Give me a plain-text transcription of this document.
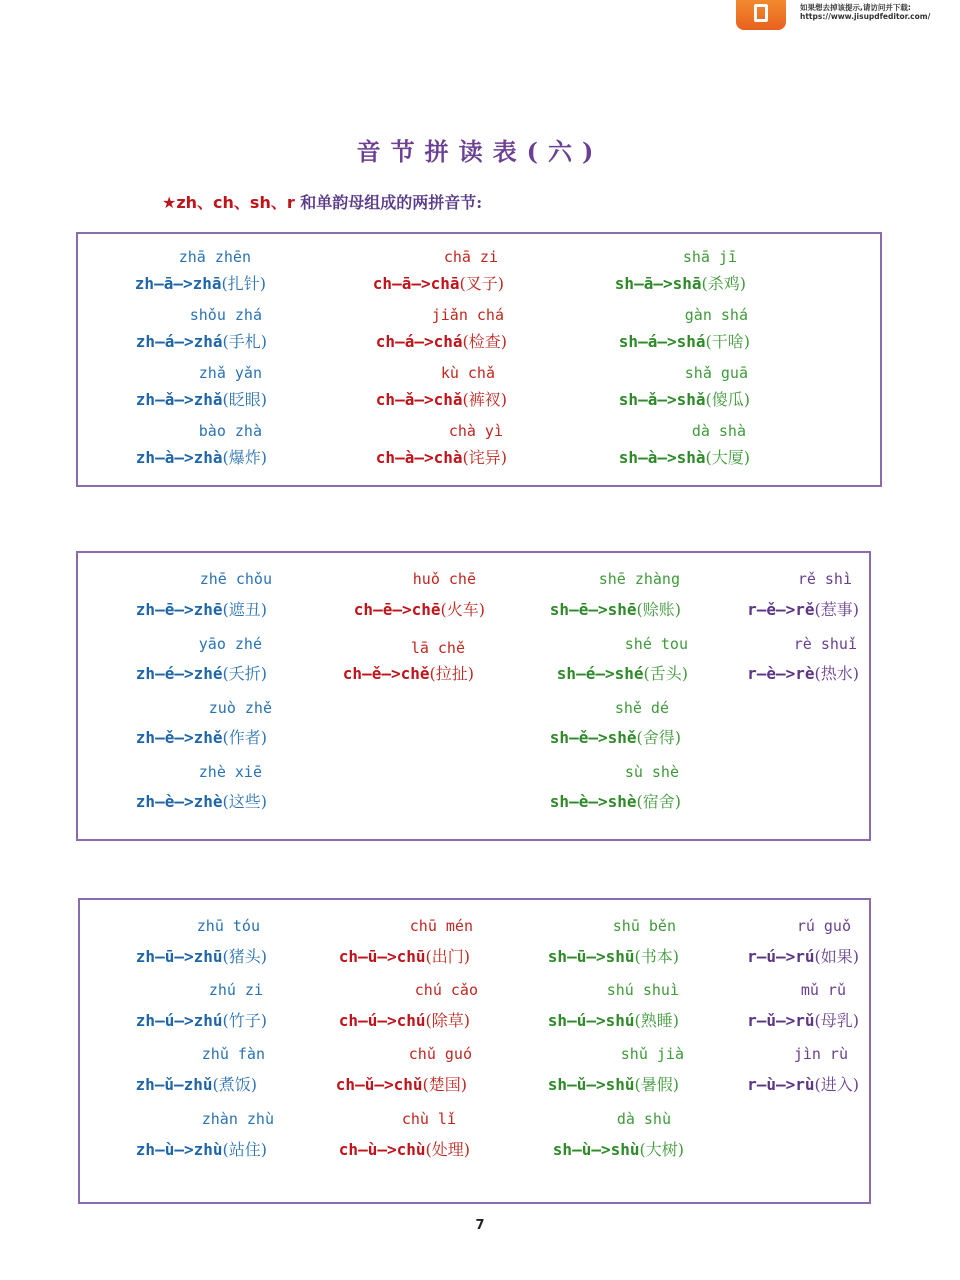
如果想去掉该提示,请访问并下载:
https://www.jisupdfeditor.com/
音节拼读表(六)
★zh、ch、sh、r 和单韵母组成的两拼音节:
zhā zhēn
zh—ā—>zhā(扎针)
chā zi
ch—ā—>chā(叉子)
shā jī
sh—ā—>shā(杀鸡)
shǒu zhá
zh—á—>zhá(手札)
jiǎn chá
ch—á—>chá(检查)
gàn shá
sh—á—>shá(干啥)
zhǎ yǎn
zh—ǎ—>zhǎ(眨眼)
kù chǎ
ch—ǎ—>chǎ(裤衩)
shǎ guā
sh—ǎ—>shǎ(傻瓜)
bào zhà
zh—à—>zhà(爆炸)
chà yì
ch—à—>chà(诧异)
dà shà
sh—à—>shà(大厦)
zhē chǒu
zh—ē—>zhē(遮丑)
huǒ chē
ch—ē—>chē(火车)
shē zhàng
sh—ē—>shē(赊账)
rě shì
r—ě—>rě(惹事)
yāo zhé
zh—é—>zhé(夭折)
lā chě
ch—ě—>chě(拉扯)
shé tou
sh—é—>shé(舌头)
rè shuǐ
r—è—>rè(热水)
zuò zhě
zh—ě—>zhě(作者)
shě dé
sh—ě—>shě(舍得)
zhè xiē
zh—è—>zhè(这些)
sù shè
sh—è—>shè(宿舍)
zhū tóu
zh—ū—>zhū(猪头)
chū mén
ch—ū—>chū(出门)
shū běn
sh—ū—>shū(书本)
rú guǒ
r—ú—>rú(如果)
zhú zi
zh—ú—>zhú(竹子)
chú cǎo
ch—ú—>chú(除草)
shú shuì
sh—ú—>shú(熟睡)
mǔ rǔ
r—ǔ—>rǔ(母乳)
zhǔ fàn
zh—ǔ—zhǔ(煮饭)
chǔ guó
ch—ǔ—>chǔ(楚国)
shǔ jià
sh—ǔ—>shǔ(暑假)
jìn rù
r—ù—>rù(进入)
zhàn zhù
zh—ù—>zhù(站住)
chù lǐ
ch—ù—>chù(处理)
dà shù
sh—ù—>shù(大树)
7
